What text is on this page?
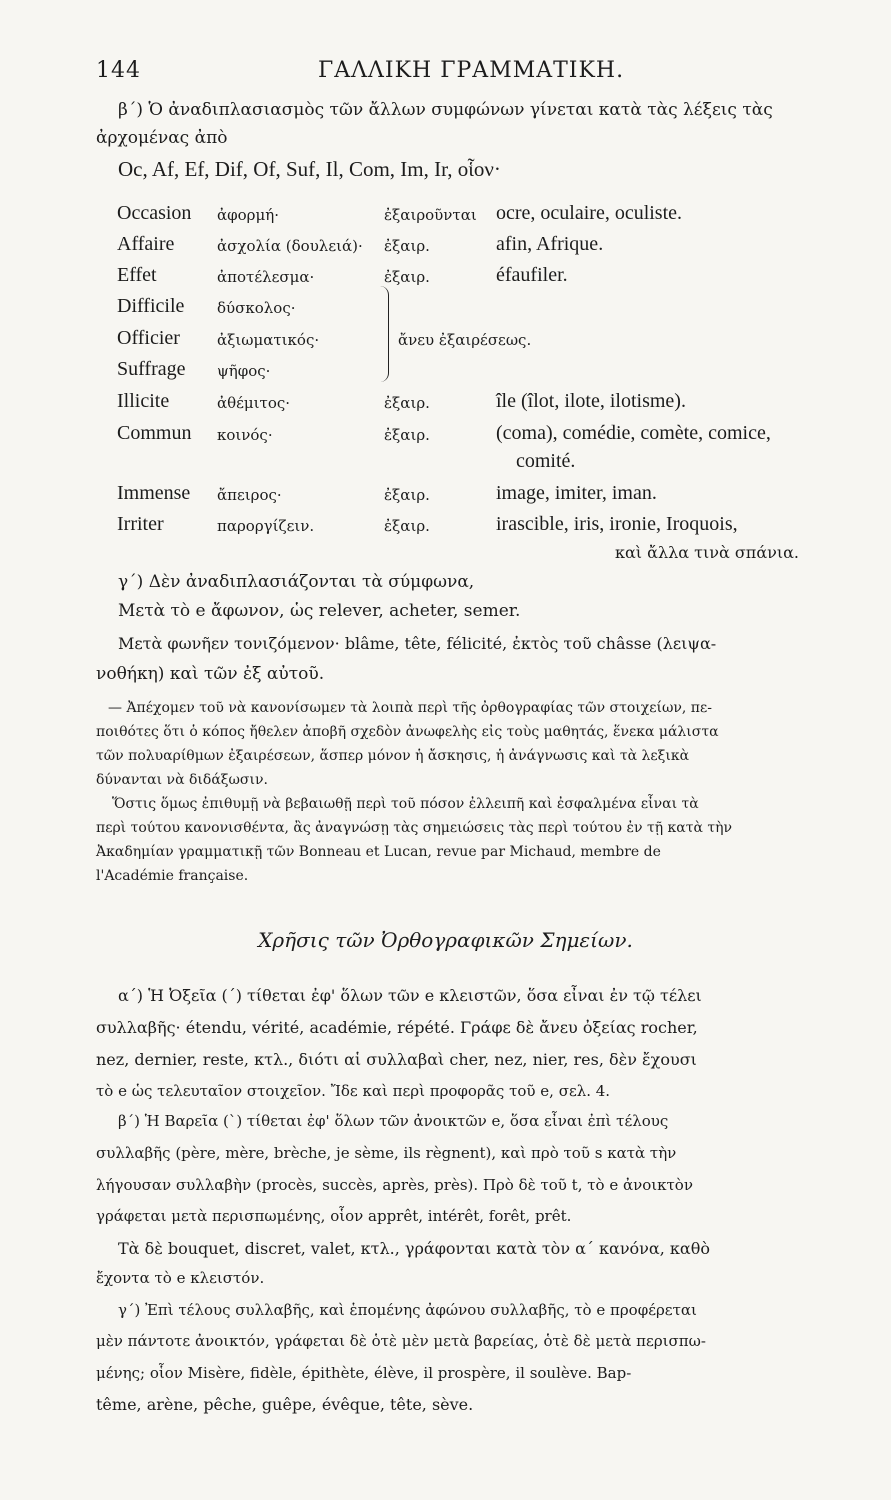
144	ΓΑΛΛΙΚΗ ΓΡΑΜΜΑΤΙΚΗ.
β΄) Ὁ ἀναδιπλασιασμὸς τῶν ἄλλων συμφώνων γίνεται κατὰ τὰς λέξεις τὰς
ἀρχομένας ἀπὸ
Oc, Af, Ef, Dif, Of, Suf, Il, Com, Im, Ir, οἷον·
Occasion ἀφορμή·	ἐξαιροῦνται ocre, oculaire, oculiste.
Affaire	ἀσχολία (δουλειά)· ἐξαιρ.	afin, Afrique.
Effet	ἀποτέλεσμα·	ἐξαιρ.	éfaufiler.
Difficile δύσκολος·
Officier ἀξιωματικός·	ἄνευ ἐξαιρέσεως.
Suffrage ψῆφος·
Illicite	ἀθέμιτος·	ἐξαιρ.	île (îlot, ilote, ilotisme).
Commun κοινός·	ἐξαιρ.	(coma), comédie, comète, comice,
comité.
Immense ἄπειρος·	ἐξαιρ.	image, imiter, iman.
Irriter	παροργίζειν.	ἐξαιρ.	irascible, iris, ironie, Iroquois,
καὶ ἄλλα τινὰ σπάνια.
γ΄) Δὲν ἀναδιπλασιάζονται τὰ σύμφωνα,
Μετὰ τὸ e ἄφωνον, ὡς relever, acheter, semer.
Μετὰ φωνῆεν τονιζόμενον· blâme, tête, félicité, ἐκτὸς τοῦ châsse (λειψα-
νοθήκη) καὶ τῶν ἐξ αὐτοῦ.
— Ἀπέχομεν τοῦ νὰ κανονίσωμεν τὰ λοιπὰ περὶ τῆς ὀρθογραφίας τῶν στοιχείων, πε-
ποιθότες ὅτι ὁ κόπος ἤθελεν ἀποβῆ σχεδὸν ἀνωφελὴς εἰς τοὺς μαθητάς, ἕνεκα μάλιστα
τῶν πολυαρίθμων ἐξαιρέσεων, ἅσπερ μόνον ἡ ἄσκησις, ἡ ἀνάγνωσις καὶ τὰ λεξικὰ
δύνανται νὰ διδάξωσιν.
Ὅστις ὅμως ἐπιθυμῇ νὰ βεβαιωθῇ περὶ τοῦ πόσον ἐλλειπῆ καὶ ἐσφαλμένα εἶναι τὰ
περὶ τούτου κανονισθέντα, ἂς ἀναγνώσῃ τὰς σημειώσεις τὰς περὶ τούτου ἐν τῇ κατὰ τὴν
Ἀκαδημίαν γραμματικῇ τῶν Bonneau et Lucan, revue par Michaud, membre de
l'Académie française.
Χρῆσις τῶν Ὀρθογραφικῶν Σημείων.
α΄) Ἡ Ὀξεῖα (΄) τίθεται ἐφ' ὅλων τῶν e κλειστῶν, ὅσα εἶναι ἐν τῷ τέλει
συλλαβῆς· étendu, vérité, académie, répété. Γράφε δὲ ἄνευ ὀξείας rocher,
nez, dernier, reste, κτλ., διότι αἱ συλλαβαὶ cher, nez, nier, res, δὲν ἔχουσι
τὸ e ὡς τελευταῖον στοιχεῖον. Ἴδε καὶ περὶ προφορᾶς τοῦ e, σελ. 4.
β΄) Ἡ Βαρεῖα (`) τίθεται ἐφ' ὅλων τῶν ἀνοικτῶν e, ὅσα εἶναι ἐπὶ τέλους
συλλαβῆς (père, mère, brèche, je sème, ils règnent), καὶ πρὸ τοῦ s κατὰ τὴν
λήγουσαν συλλαβὴν (procès, succès, après, près). Πρὸ δὲ τοῦ t, τὸ e ἀνοικτὸν
γράφεται μετὰ περισπωμένης, οἷον apprêt, intérêt, forêt, prêt.
Τὰ δὲ bouquet, discret, valet, κτλ., γράφονται κατὰ τὸν α΄ κανόνα, καθὸ
ἔχοντα τὸ e κλειστόν.
γ΄) Ἐπὶ τέλους συλλαβῆς, καὶ ἑπομένης ἀφώνου συλλαβῆς, τὸ e προφέρεται
μὲν πάντοτε ἀνοικτόν, γράφεται δὲ ὁτὲ μὲν μετὰ βαρείας, ὁτὲ δὲ μετὰ περισπω-
μένης; οἷον Misère, fidèle, épithète, élève, il prospère, il soulève. Bap-
tême, arène, pêche, guêpe, évêque, tête, sève.
